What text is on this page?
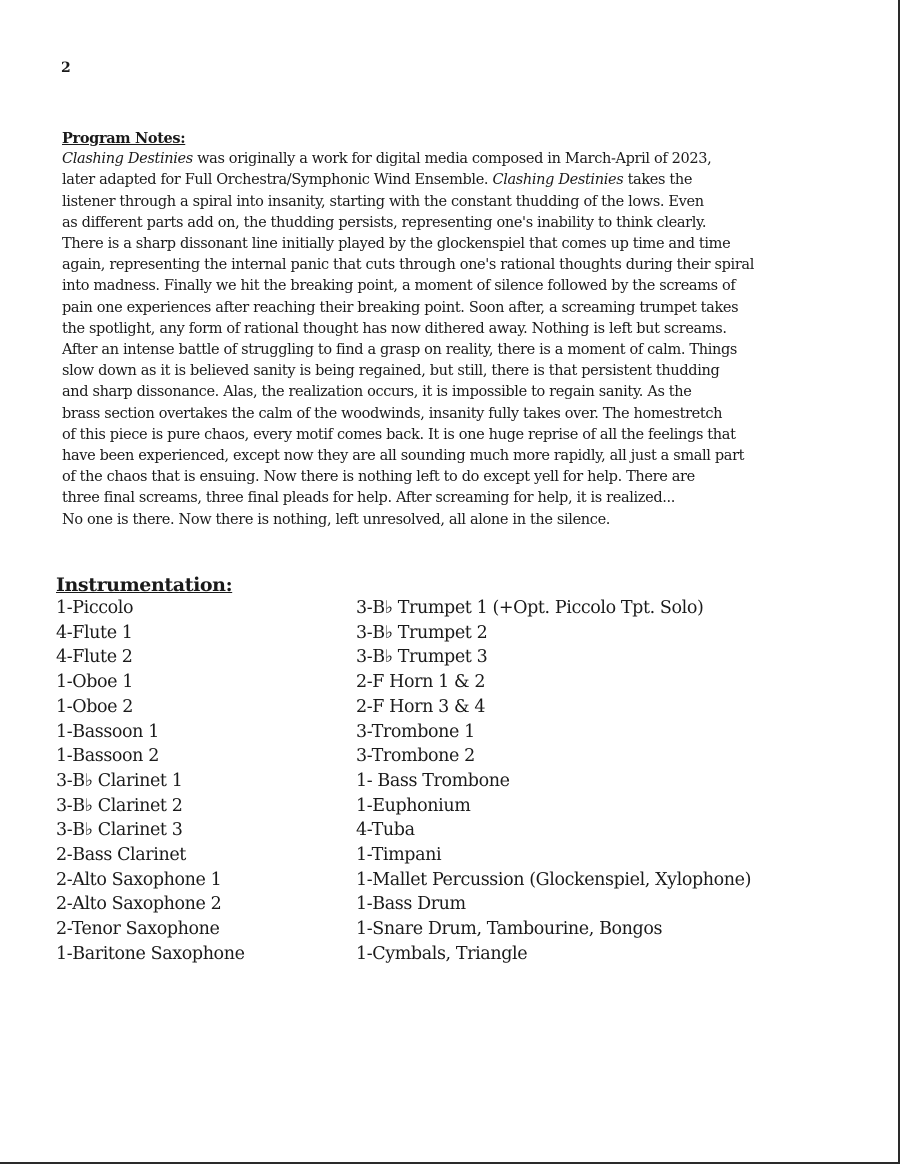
2
Program Notes:
Clashing Destinies was originally a work for digital media composed in March-April of 2023,
later adapted for Full Orchestra/Symphonic Wind Ensemble. Clashing Destinies takes the
listener through a spiral into insanity, starting with the constant thudding of the lows. Even
as different parts add on, the thudding persists, representing one's inability to think clearly.
There is a sharp dissonant line initially played by the glockenspiel that comes up time and time
again, representing the internal panic that cuts through one's rational thoughts during their spiral
into madness. Finally we hit the breaking point, a moment of silence followed by the screams of
pain one experiences after reaching their breaking point. Soon after, a screaming trumpet takes
the spotlight, any form of rational thought has now dithered away. Nothing is left but screams.
After an intense battle of struggling to find a grasp on reality, there is a moment of calm. Things
slow down as it is believed sanity is being regained, but still, there is that persistent thudding
and sharp dissonance. Alas, the realization occurs, it is impossible to regain sanity. As the
brass section overtakes the calm of the woodwinds, insanity fully takes over. The homestretch
of this piece is pure chaos, every motif comes back. It is one huge reprise of all the feelings that
have been experienced, except now they are all sounding much more rapidly, all just a small part
of the chaos that is ensuing. Now there is nothing left to do except yell for help. There are
three final screams, three final pleads for help. After screaming for help, it is realized...
No one is there. Now there is nothing, left unresolved, all alone in the silence.
Instrumentation:
1-Piccolo
4-Flute 1
4-Flute 2
1-Oboe 1
1-Oboe 2
1-Bassoon 1
1-Bassoon 2
3-B♭ Clarinet 1
3-B♭ Clarinet 2
3-B♭ Clarinet 3
2-Bass Clarinet
2-Alto Saxophone 1
2-Alto Saxophone 2
2-Tenor Saxophone
1-Baritone Saxophone
3-B♭ Trumpet 1 (+Opt. Piccolo Tpt. Solo)
3-B♭ Trumpet 2
3-B♭ Trumpet 3
2-F Horn 1 & 2
2-F Horn 3 & 4
3-Trombone 1
3-Trombone 2
1- Bass Trombone
1-Euphonium
4-Tuba
1-Timpani
1-Mallet Percussion (Glockenspiel, Xylophone)
1-Bass Drum
1-Snare Drum, Tambourine, Bongos
1-Cymbals, Triangle
